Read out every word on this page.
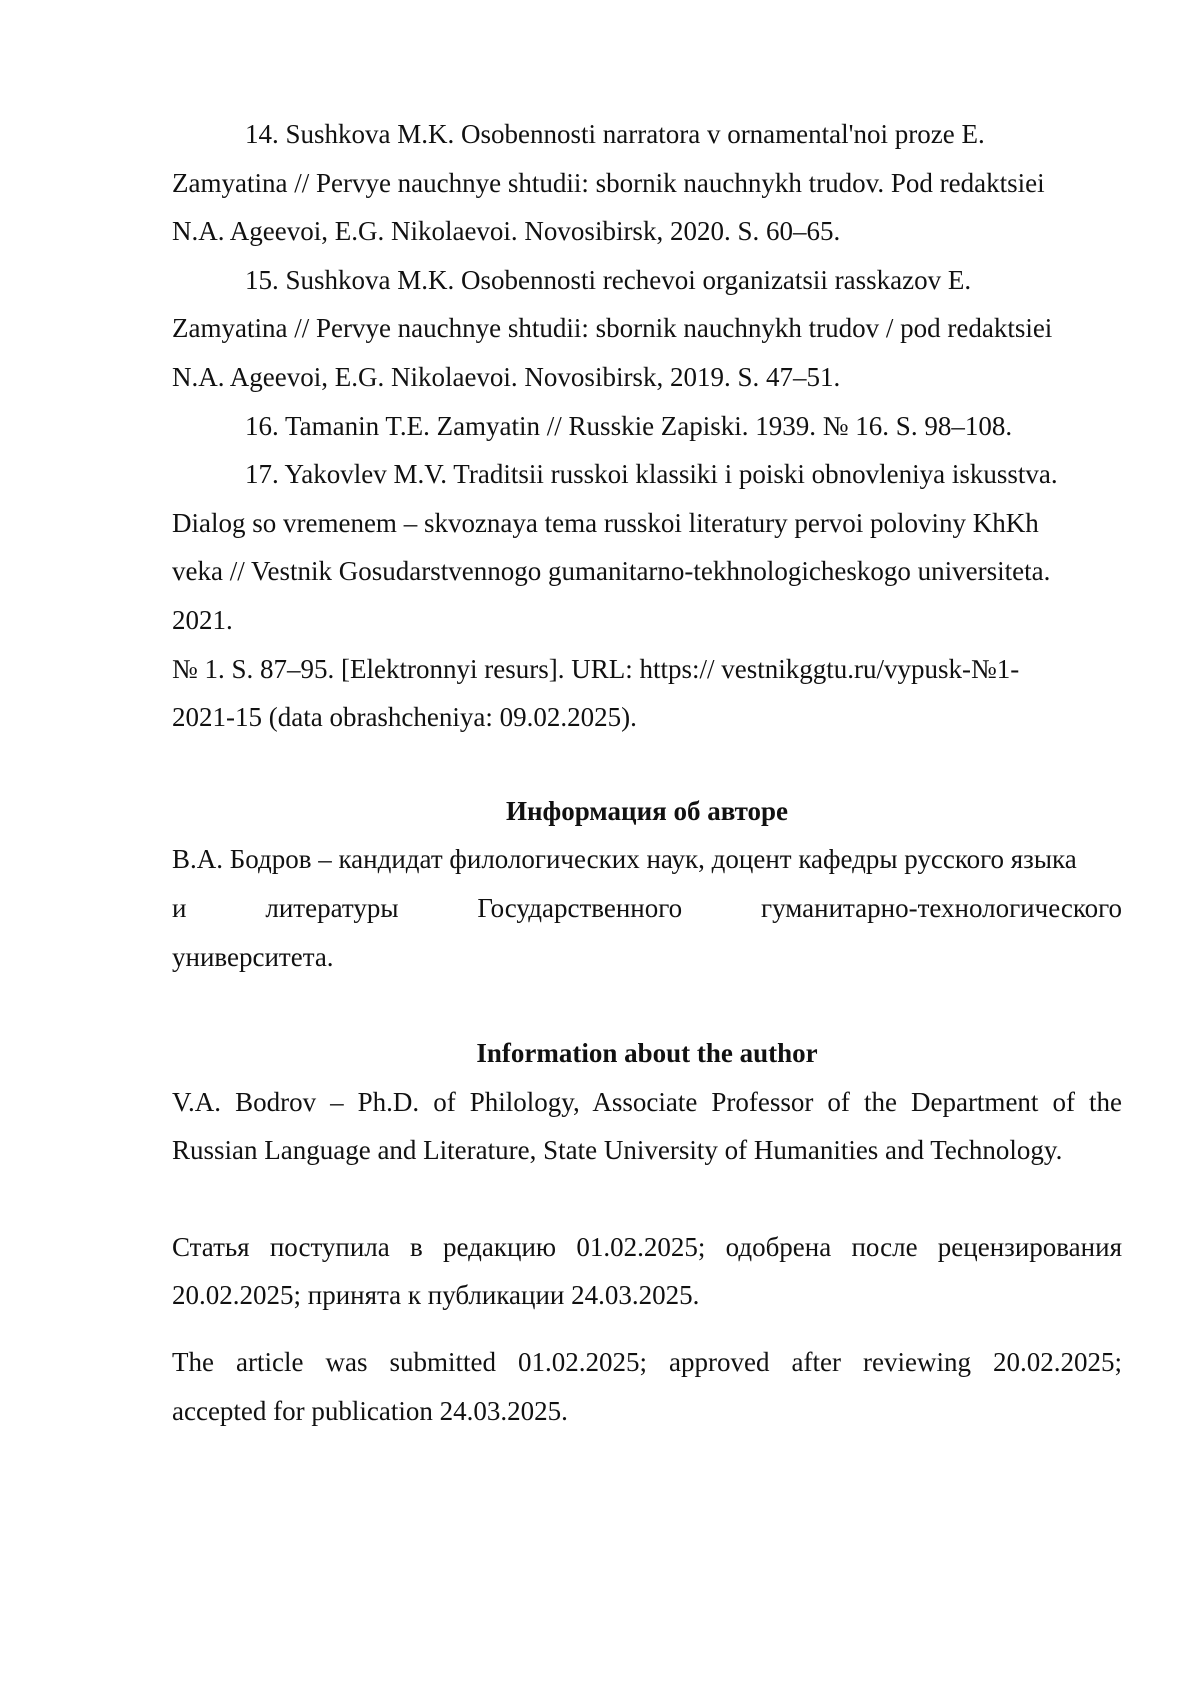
14. Sushkova M.K. Osobennosti narratora v ornamental'noi proze E.

Zamyatina // Pervye nauchnye shtudii: sbornik nauchnykh trudov. Pod redaktsiei

N.A. Ageevoi, E.G. Nikolaevoi. Novosibirsk, 2020. S. 60–65.

15. Sushkova M.K. Osobennosti rechevoi organizatsii rasskazov E.

Zamyatina // Pervye nauchnye shtudii: sbornik nauchnykh trudov / pod redaktsiei

N.A. Ageevoi, E.G. Nikolaevoi. Novosibirsk, 2019. S. 47–51.

16. Tamanin T.E. Zamyatin // Russkie Zapiski. 1939. № 16. S. 98–108.

17. Yakovlev M.V. Traditsii russkoi klassiki i poiski obnovleniya iskusstva.

Dialog so vremenem – skvoznaya tema russkoi literatury pervoi poloviny KhKh

veka // Vestnik Gosudarstvennogo gumanitarno-tekhnologicheskogo universiteta.

2021.

№ 1. S. 87–95. [Elektronnyi resurs]. URL: https:// vestnikggtu.ru/vypusk-№1-

2021-15 (data obrashcheniya: 09.02.2025).

Информация об авторе

В.А. Бодров – кандидат филологических наук, доцент кафедры русского языка

и литературы Государственного гуманитарно-технологического

университета.

Information about the author

V.A. Bodrov – Ph.D. of Philology, Associate Professor of the Department of the

Russian Language and Literature, State University of Humanities and Technology.

Статья поступила в редакцию 01.02.2025; одобрена после рецензирования

20.02.2025; принята к публикации 24.03.2025.

The article was submitted 01.02.2025; approved after reviewing 20.02.2025;

accepted for publication 24.03.2025.
